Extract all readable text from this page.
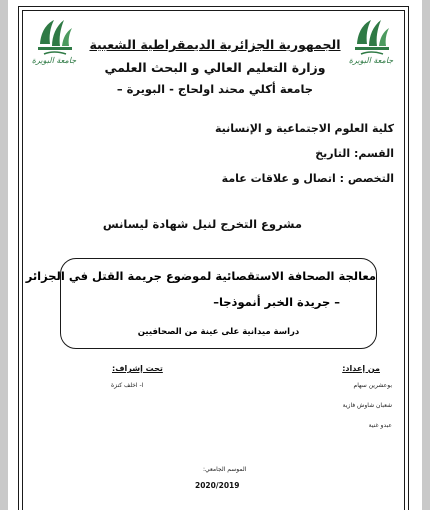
جامعة البويرة	جامعة البويرة
الجمهورية الجزائرية الديمقراطية الشعبية
وزارة التعليم العالي و البحث العلمي
جامعة أكلي محند اولحاج - البويرة –
كلية العلوم الاجتماعية و الإنسانية
القسم: التاريخ
التخصص : اتصال و علاقات عامة
مشروع التخرج لنيل شهادة ليسانس
معالجة الصحافة الاستقصائية لموضوع جريمة القتل في الجزائر
– جريدة الخبر أنموذجا–
دراسة ميدانية على عينة من الصحافيين
من إعداد:
تحت إشراف:
بوعشرين سهام
شعبان شاوش فازية
عبدو غنية
ا- اخلف كنزة
الموسم الجامعي:
2020/2019
